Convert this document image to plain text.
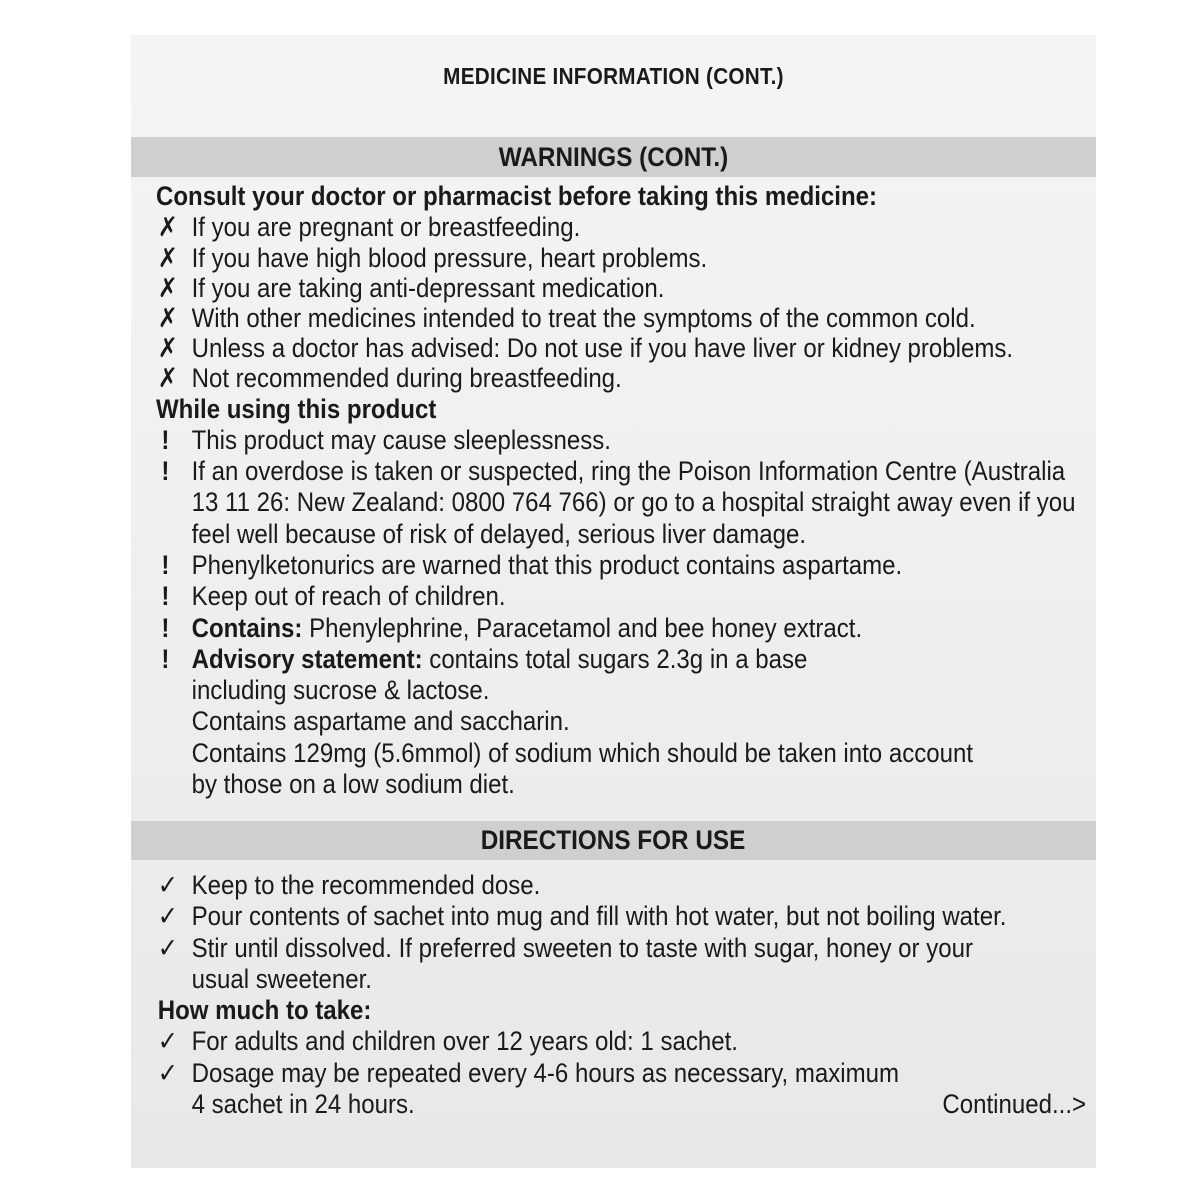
MEDICINE INFORMATION (CONT.)
WARNINGS (CONT.)
Consult your doctor or pharmacist before taking this medicine:
✗ If you are pregnant or breastfeeding.
✗ If you have high blood pressure, heart problems.
✗ If you are taking anti-depressant medication.
✗ With other medicines intended to treat the symptoms of the common cold.
✗ Unless a doctor has advised: Do not use if you have liver or kidney problems.
✗ Not recommended during breastfeeding.
While using this product
! This product may cause sleeplessness.
! If an overdose is taken or suspected, ring the Poison Information Centre (Australia 13 11 26: New Zealand: 0800 764 766) or go to a hospital straight away even if you feel well because of risk of delayed, serious liver damage.
! Phenylketonurics are warned that this product contains aspartame.
! Keep out of reach of children.
! Contains: Phenylephrine, Paracetamol and bee honey extract.
! Advisory statement: contains total sugars 2.3g in a base including sucrose & lactose.
Contains aspartame and saccharin.
Contains 129mg (5.6mmol) of sodium which should be taken into account by those on a low sodium diet.
DIRECTIONS FOR USE
✓ Keep to the recommended dose.
✓ Pour contents of sachet into mug and fill with hot water, but not boiling water.
✓ Stir until dissolved. If preferred sweeten to taste with sugar, honey or your usual sweetener.
How much to take:
✓ For adults and children over 12 years old: 1 sachet.
✓ Dosage may be repeated every 4-6 hours as necessary, maximum
4 sachet in 24 hours.	Continued...>
